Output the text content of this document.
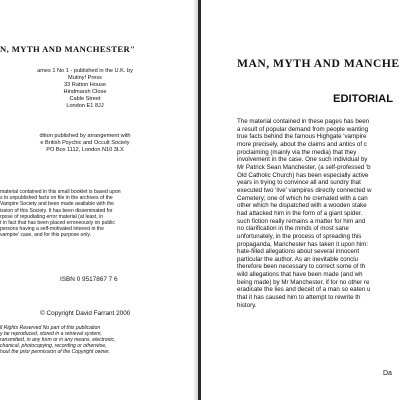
N, MYTH AND MANCHESTER"
ames 1 No 1 - published in the U.K. by
Mutiny! Press
33 Ratton House
Hindmarsh Close
Cable Street
London E1 8JJ
dition published by arrangement with
e British Psychic and Occult Society
PO Box 1112, London N10 3LX
material contained in this small booklet is based upon
s to unpublished facts on file in the archives of the
Vampire Society and been made available with the
ission of this Society. It has been disseminated for
rpose of repudiating error material (at least, in
t in fact that has been placed erroneously on public
persons having a self-motivated interest in the
vampire' case, and for this purpose only.
ISBN 0 9517867 7 6
© Copyright David Farrant 2000
ll Rights Reserved No part of this publication
y be reproduced, stored in a retrieval system,
ransmitted, in any form or in any means, electronic,
chanical, photocopying, recording or otherwise,
hout the prior permission of the Copyright owner.
MAN, MYTH AND MANCHE
EDITORIAL
The material contained in these pages has been
a result of popular demand from people wanting
true facts behind the famous Highgate 'vampire
more precisely, about the claims and antics of c
proclaiming (mainly via the media) that they
involvement in the case. One such individual by
Mr Patrick Sean Manchester, (a self-professed 'b
Old Catholic Church) has been especially active
years in trying to convince all and sundry that
executed two 'live' vampires directly connected w
Cemetery; one of which he cremated with a can
other which he dispatched with a wooden stake
had attacked him in the form of a giant spider.
such fiction really remains a matter for him and
no clarification in the minds of most sane
unfortunately, in the process of spreading this
propaganda, Manchester has taken it upon him:
hate-filled allegations about several innocent
particular the author. As an inevitable conclu
therefore been necessary to correct some of th
wild allegations that have been made (and wh
being made) by Mr Manchester, if for no other re
eradicate the lies and deceit of a man so eaten u
that it has caused him to attempt to rewrite th
history.
Da
